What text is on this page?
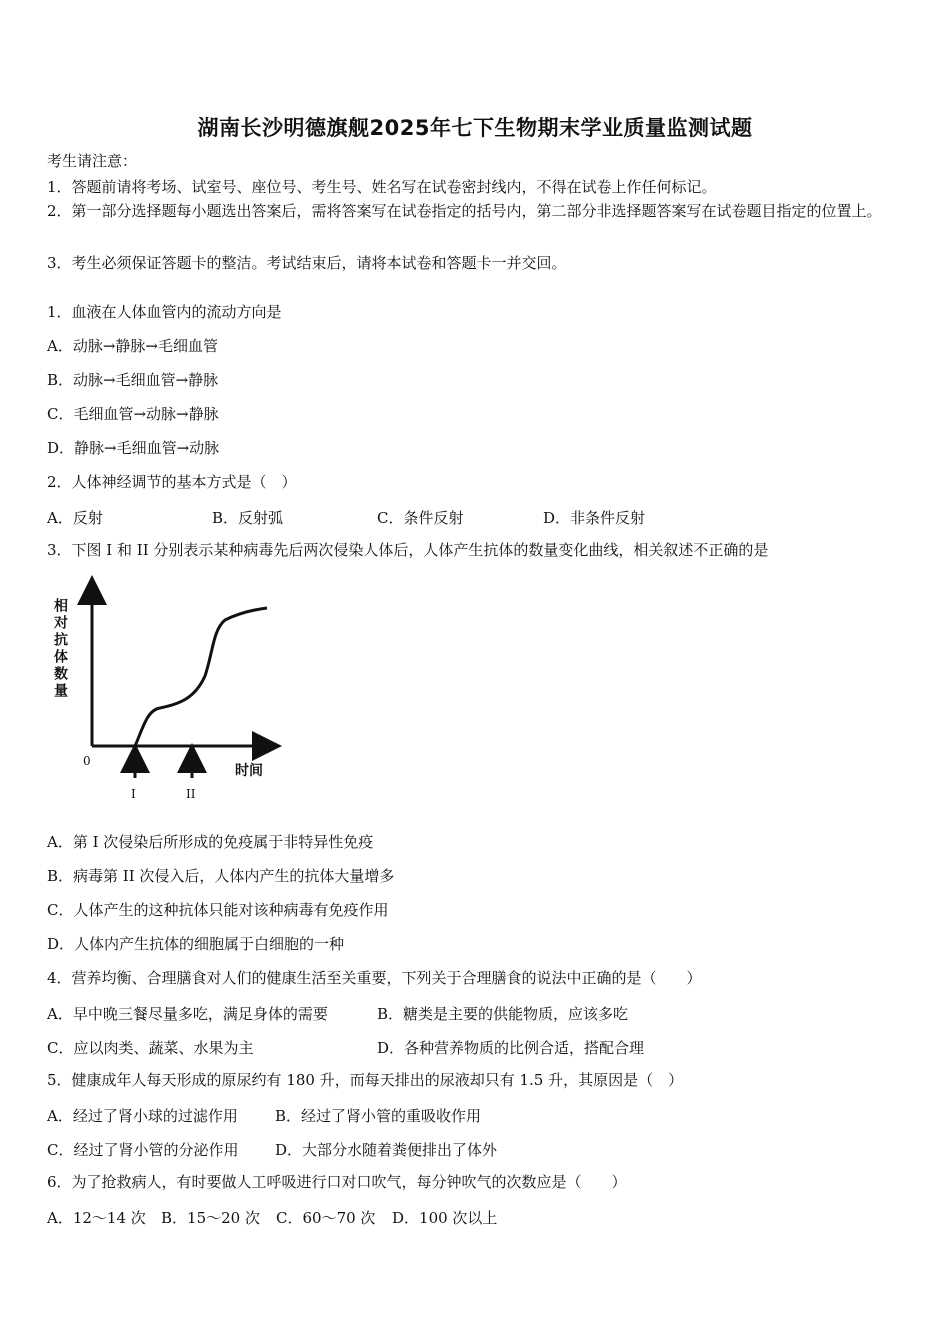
湖南长沙明德旗舰2025年七下生物期末学业质量监测试题
考生请注意：
1．答题前请将考场、试室号、座位号、考生号、姓名写在试卷密封线内，不得在试卷上作任何标记。
2．第一部分选择题每小题选出答案后，需将答案写在试卷指定的括号内，第二部分非选择题答案写在试卷题目指定的位置上。
3．考生必须保证答题卡的整洁。考试结束后，请将本试卷和答题卡一并交回。
1．血液在人体血管内的流动方向是
A．动脉→静脉→毛细血管
B．动脉→毛细血管→静脉
C．毛细血管→动脉→静脉
D．静脉→毛细血管→动脉
2．人体神经调节的基本方式是（　）
A．反射	B．反射弧	C．条件反射	D．非条件反射
3．下图 I 和 II 分别表示某种病毒先后两次侵染人体后，人体产生抗体的数量变化曲线，相关叙述不正确的是
相对抗体数量
0
时间
I	II
A．第 I 次侵染后所形成的免疫属于非特异性免疫
B．病毒第 II 次侵入后，人体内产生的抗体大量增多
C．人体产生的这种抗体只能对该种病毒有免疫作用
D．人体内产生抗体的细胞属于白细胞的一种
4．营养均衡、合理膳食对人们的健康生活至关重要，下列关于合理膳食的说法中正确的是（　　）
A．早中晚三餐尽量多吃，满足身体的需要	B．糖类是主要的供能物质，应该多吃
C．应以肉类、蔬菜、水果为主	D．各种营养物质的比例合适，搭配合理
5．健康成年人每天形成的原尿约有 180 升，而每天排出的尿液却只有 1.5 升，其原因是（　）
A．经过了肾小球的过滤作用 B．经过了肾小管的重吸收作用
C．经过了肾小管的分泌作用 D．大部分水随着粪便排出了体外
6．为了抢救病人，有时要做人工呼吸进行口对口吹气，每分钟吹气的次数应是（　　）
A．12～14 次 B．15～20 次 C．60～70 次 D．100 次以上
